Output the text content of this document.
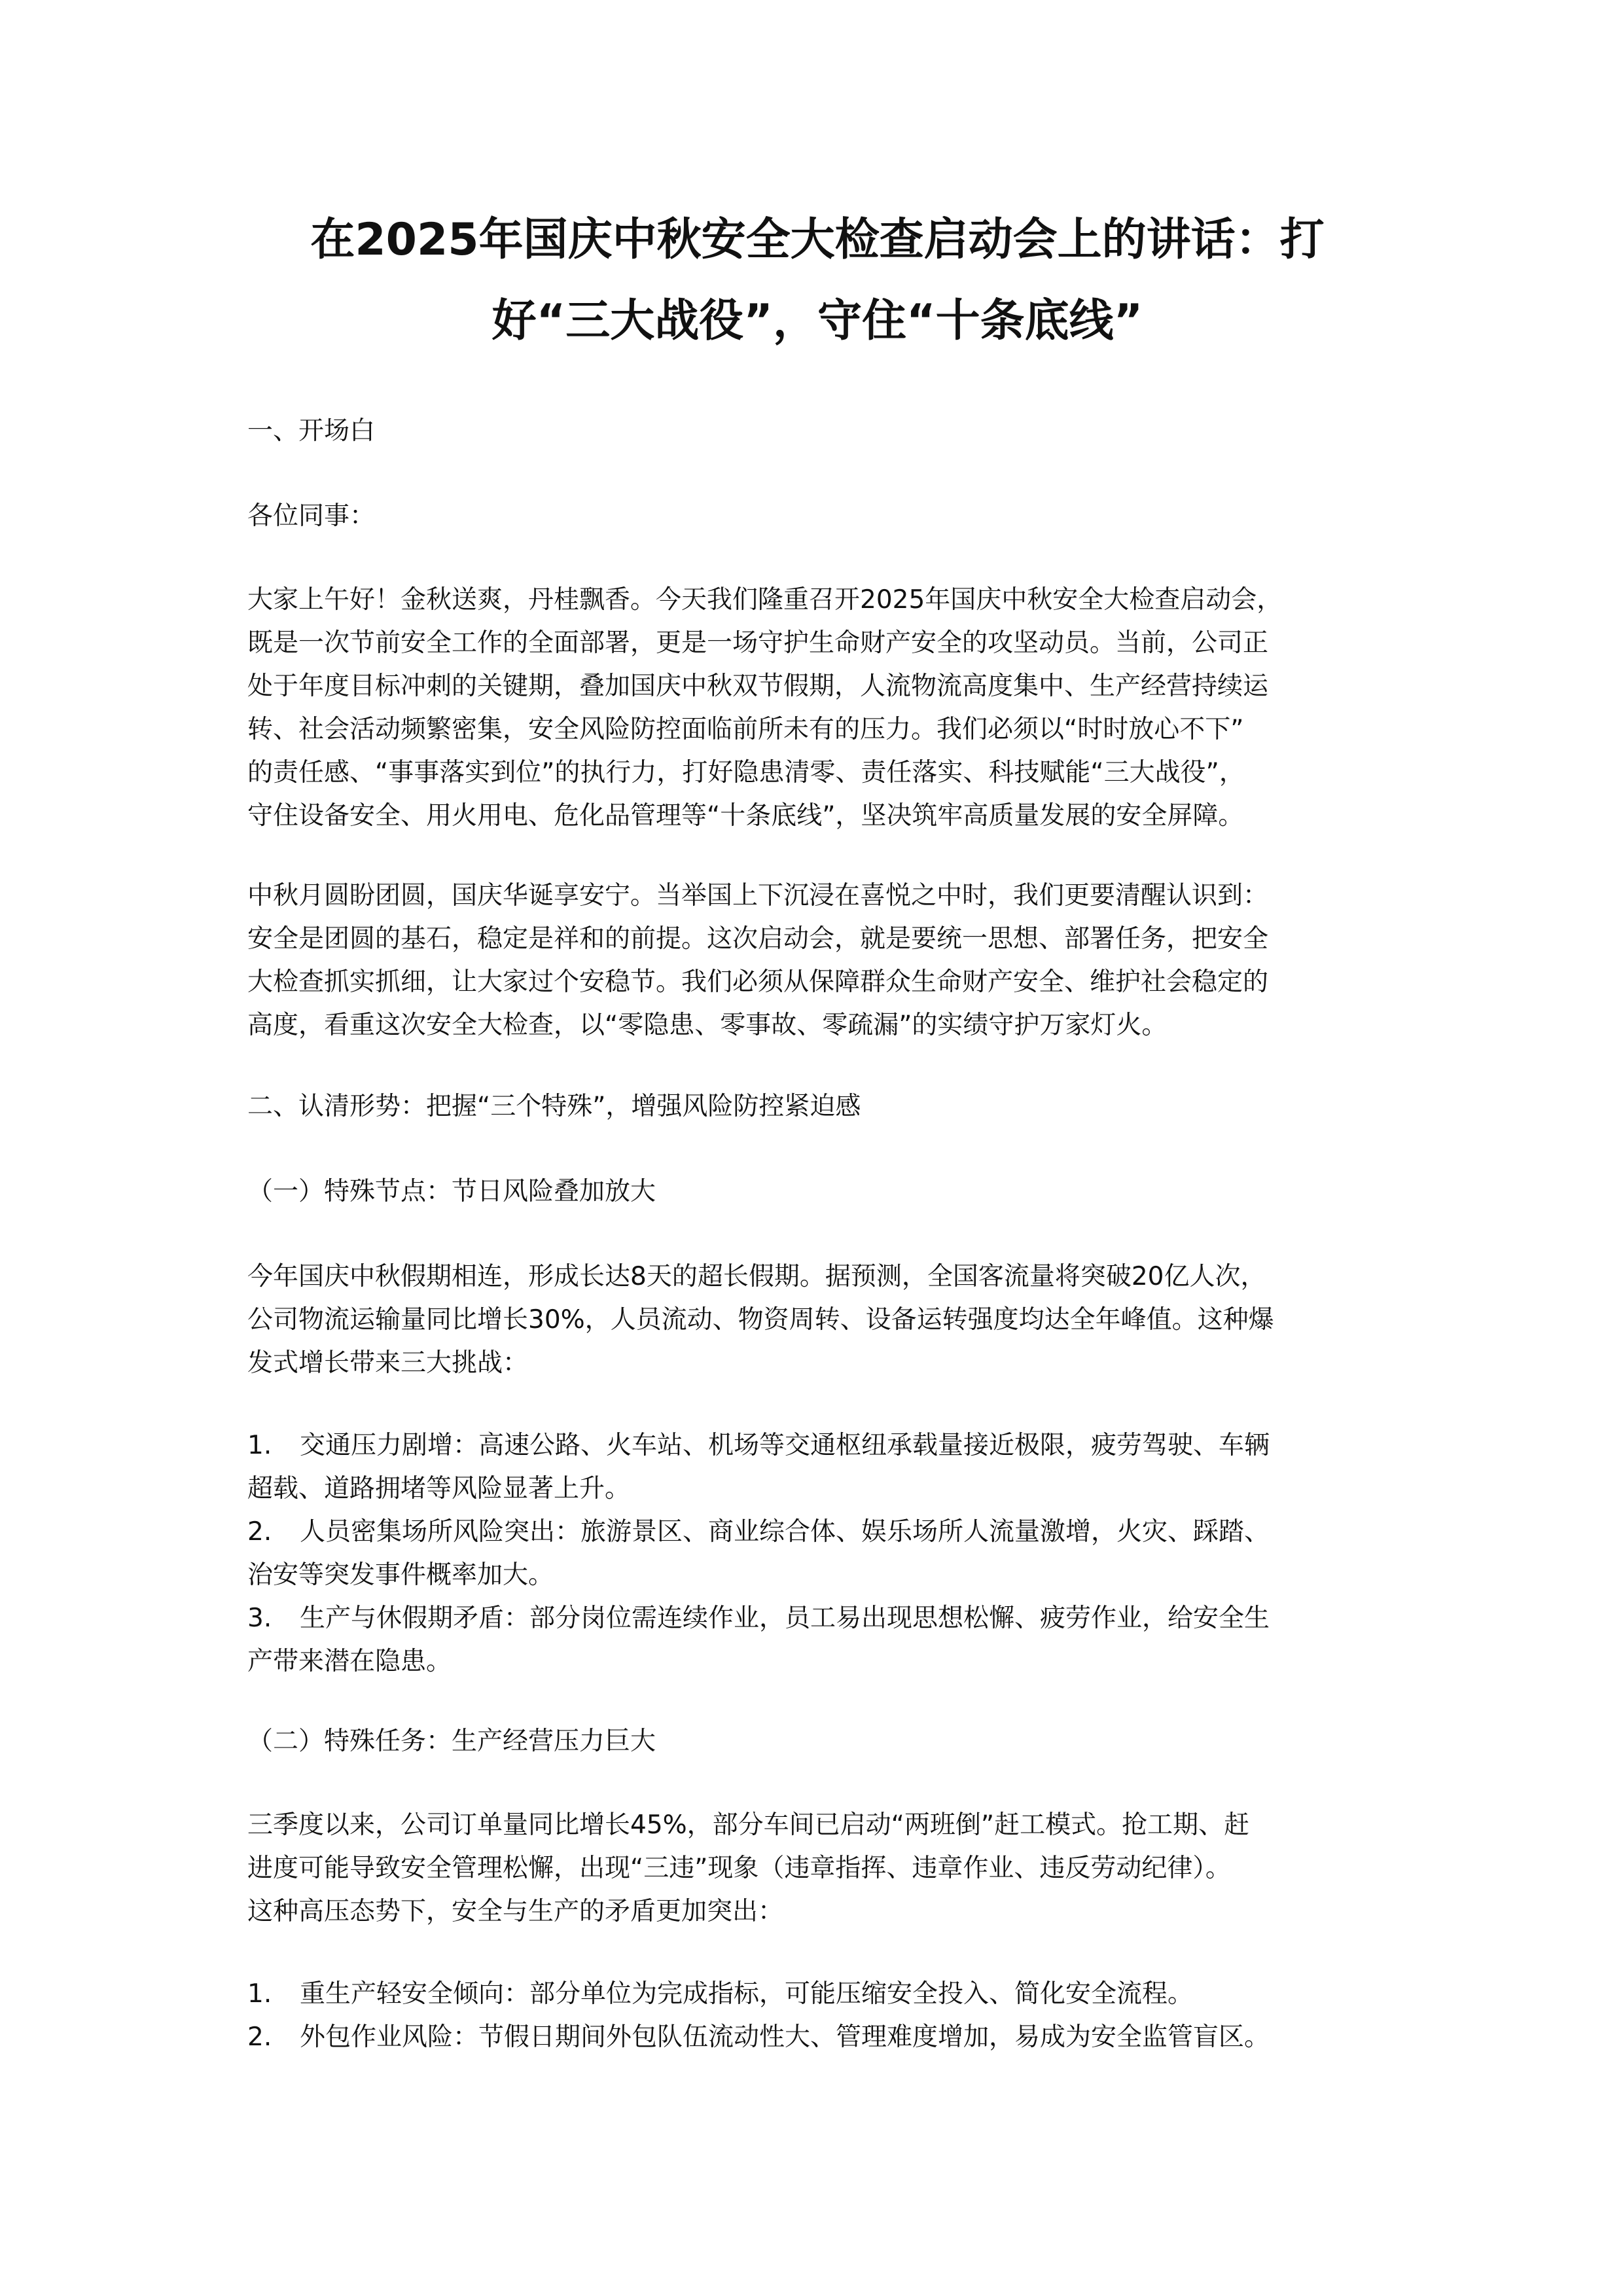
在2025年国庆中秋安全大检查启动会上的讲话：打
好“三大战役”，守住“十条底线”
一、开场白
各位同事：
大家上午好！金秋送爽，丹桂飘香。今天我们隆重召开2025年国庆中秋安全大检查启动会，
既是一次节前安全工作的全面部署，更是一场守护生命财产安全的攻坚动员。当前，公司正
处于年度目标冲刺的关键期，叠加国庆中秋双节假期，人流物流高度集中、生产经营持续运
转、社会活动频繁密集，安全风险防控面临前所未有的压力。我们必须以“时时放心不下”
的责任感、“事事落实到位”的执行力，打好隐患清零、责任落实、科技赋能“三大战役”，
守住设备安全、用火用电、危化品管理等“十条底线”，坚决筑牢高质量发展的安全屏障。
中秋月圆盼团圆，国庆华诞享安宁。当举国上下沉浸在喜悦之中时，我们更要清醒认识到：
安全是团圆的基石，稳定是祥和的前提。这次启动会，就是要统一思想、部署任务，把安全
大检查抓实抓细，让大家过个安稳节。我们必须从保障群众生命财产安全、维护社会稳定的
高度，看重这次安全大检查，以“零隐患、零事故、零疏漏”的实绩守护万家灯火。
二、认清形势：把握“三个特殊”，增强风险防控紧迫感
（一）特殊节点：节日风险叠加放大
今年国庆中秋假期相连，形成长达8天的超长假期。据预测，全国客流量将突破20亿人次，
公司物流运输量同比增长30%，人员流动、物资周转、设备运转强度均达全年峰值。这种爆
发式增长带来三大挑战：
1. 交通压力剧增：高速公路、火车站、机场等交通枢纽承载量接近极限，疲劳驾驶、车辆
超载、道路拥堵等风险显著上升。
2. 人员密集场所风险突出：旅游景区、商业综合体、娱乐场所人流量激增，火灾、踩踏、
治安等突发事件概率加大。
3. 生产与休假期矛盾：部分岗位需连续作业，员工易出现思想松懈、疲劳作业，给安全生
产带来潜在隐患。
（二）特殊任务：生产经营压力巨大
三季度以来，公司订单量同比增长45%，部分车间已启动“两班倒”赶工模式。抢工期、赶
进度可能导致安全管理松懈，出现“三违”现象（违章指挥、违章作业、违反劳动纪律）。
这种高压态势下，安全与生产的矛盾更加突出：
1. 重生产轻安全倾向：部分单位为完成指标，可能压缩安全投入、简化安全流程。
2. 外包作业风险：节假日期间外包队伍流动性大、管理难度增加，易成为安全监管盲区。
